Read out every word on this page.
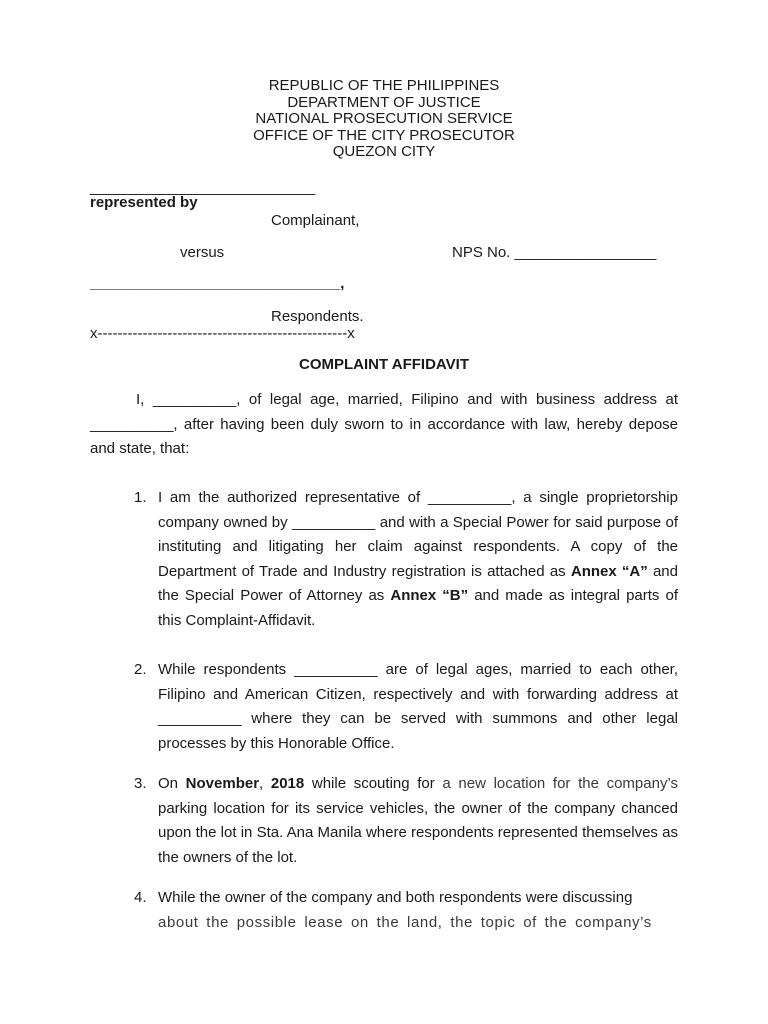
REPUBLIC OF THE PHILIPPINES
DEPARTMENT OF JUSTICE
NATIONAL PROSECUTION SERVICE
OFFICE OF THE CITY PROSECUTOR
QUEZON CITY
___________________________
represented by
Complainant,
versus	NPS No. _________________
______________________________,
Respondents.
x--------------------------------------------------x
COMPLAINT AFFIDAVIT
I, __________, of legal age, married, Filipino and with business address at __________, after having been duly sworn to in accordance with law, hereby depose and state, that:
1. I am the authorized representative of __________, a single proprietorship company owned by __________ and with a Special Power for said purpose of instituting and litigating her claim against respondents. A copy of the Department of Trade and Industry registration is attached as Annex “A” and the Special Power of Attorney as Annex “B” and made as integral parts of this Complaint-Affidavit.
2. While respondents __________ are of legal ages, married to each other, Filipino and American Citizen, respectively and with forwarding address at __________ where they can be served with summons and other legal processes by this Honorable Office.
3. On November, 2018 while scouting for a new location for the company’s parking location for its service vehicles, the owner of the company chanced upon the lot in Sta. Ana Manila where respondents represented themselves as the owners of the lot.
4. While the owner of the company and both respondents were discussing
about the possible lease on the land, the topic of the company’s
